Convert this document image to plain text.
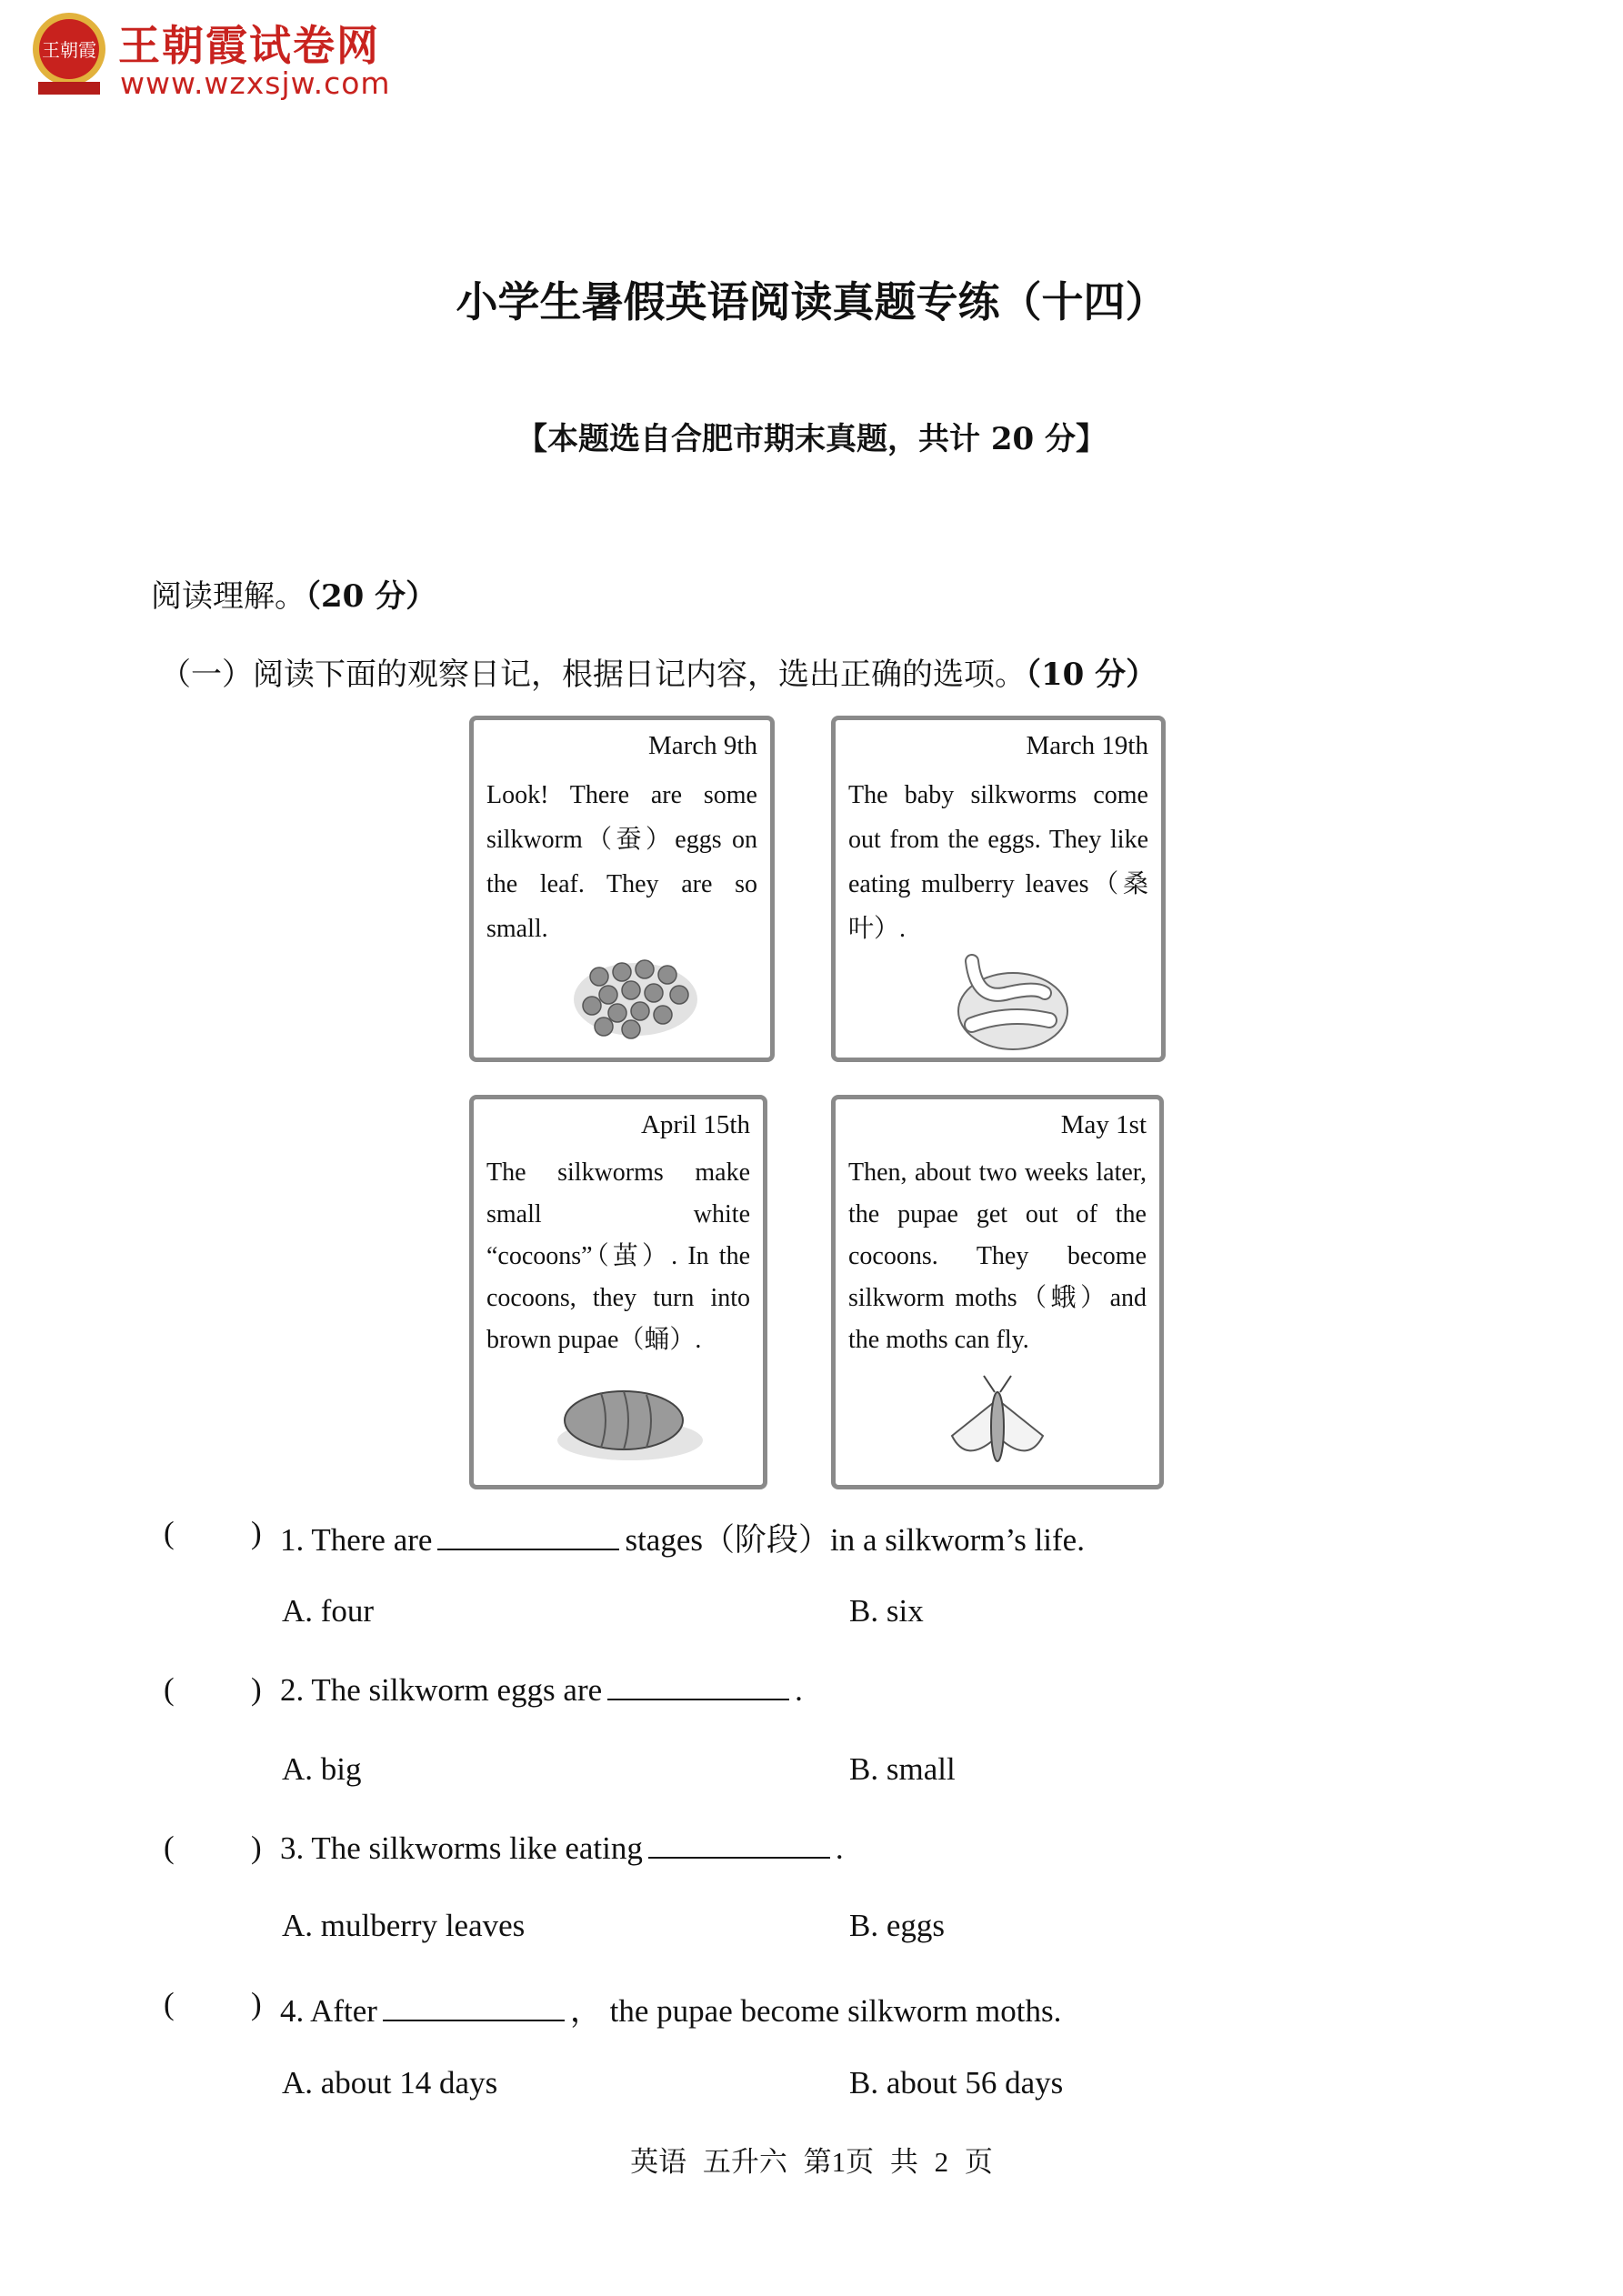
王朝霞 王朝霞试卷网
www.wzxsjw.com
小学生暑假英语阅读真题专练（十四）
【本题选自合肥市期末真题，共计 20 分】
阅读理解。（20 分）
（一）阅读下面的观察日记，根据日记内容，选出正确的选项。（10 分）
March 9th
Look! There are some silkworm（蚕）eggs on the leaf. They are so small.
March 19th
The baby silkworms come out from the eggs. They like eating mulberry leaves（桑叶）.
April 15th
The silkworms make small white “cocoons”（茧）. In the cocoons, they turn into brown pupae（蛹）.
May 1st
Then, about two weeks later, the pupae get out of the cocoons. They become silkworm moths（蛾）and the moths can fly.
( ) 1. There are	stages（阶段）in a silkworm’s life.
A. four	B. six
( ) 2. The silkworm eggs are	.
A. big	B. small
( ) 3. The silkworms like eating	.
A. mulberry leaves	B. eggs
( ) 4. After	， the pupae become silkworm moths.
A. about 14 days	B. about 56 days
英语 五升六 第1页 共 2 页
